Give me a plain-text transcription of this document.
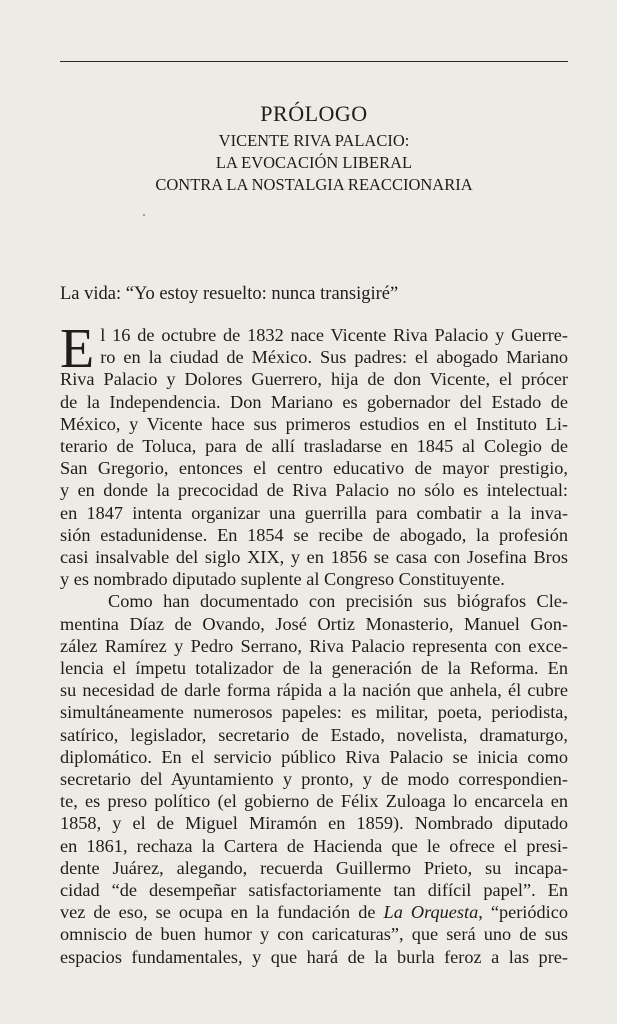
PRÓLOGO
VICENTE RIVA PALACIO:
LA EVOCACIÓN LIBERAL
CONTRA LA NOSTALGIA REACCIONARIA
La vida: “Yo estoy resuelto: nunca transigiré”

E l 16 de octubre de 1832 nace Vicente Riva Palacio y Guerre-
ro en la ciudad de México. Sus padres: el abogado Mariano
Riva Palacio y Dolores Guerrero, hija de don Vicente, el prócer
de la Independencia. Don Mariano es gobernador del Estado de
México, y Vicente hace sus primeros estudios en el Instituto Li-
terario de Toluca, para de allí trasladarse en 1845 al Colegio de
San Gregorio, entonces el centro educativo de mayor prestigio,
y en donde la precocidad de Riva Palacio no sólo es intelectual:
en 1847 intenta organizar una guerrilla para combatir a la inva-
sión estadunidense. En 1854 se recibe de abogado, la profesión
casi insalvable del siglo XIX, y en 1856 se casa con Josefina Bros
y es nombrado diputado suplente al Congreso Constituyente.

Como han documentado con precisión sus biógrafos Cle-
mentina Díaz de Ovando, José Ortiz Monasterio, Manuel Gon-
zález Ramírez y Pedro Serrano, Riva Palacio representa con exce-
lencia el ímpetu totalizador de la generación de la Reforma. En
su necesidad de darle forma rápida a la nación que anhela, él cubre
simultáneamente numerosos papeles: es militar, poeta, periodista,
satírico, legislador, secretario de Estado, novelista, dramaturgo,
diplomático. En el servicio público Riva Palacio se inicia como
secretario del Ayuntamiento y pronto, y de modo correspondien-
te, es preso político (el gobierno de Félix Zuloaga lo encarcela en
1858, y el de Miguel Miramón en 1859). Nombrado diputado
en 1861, rechaza la Cartera de Hacienda que le ofrece el presi-
dente Juárez, alegando, recuerda Guillermo Prieto, su incapa-
cidad “de desempeñar satisfactoriamente tan difícil papel”. En
vez de eso, se ocupa en la fundación de La Orquesta, “periódico
omniscio de buen humor y con caricaturas”, que será uno de sus
espacios fundamentales, y que hará de la burla feroz a las pre-
